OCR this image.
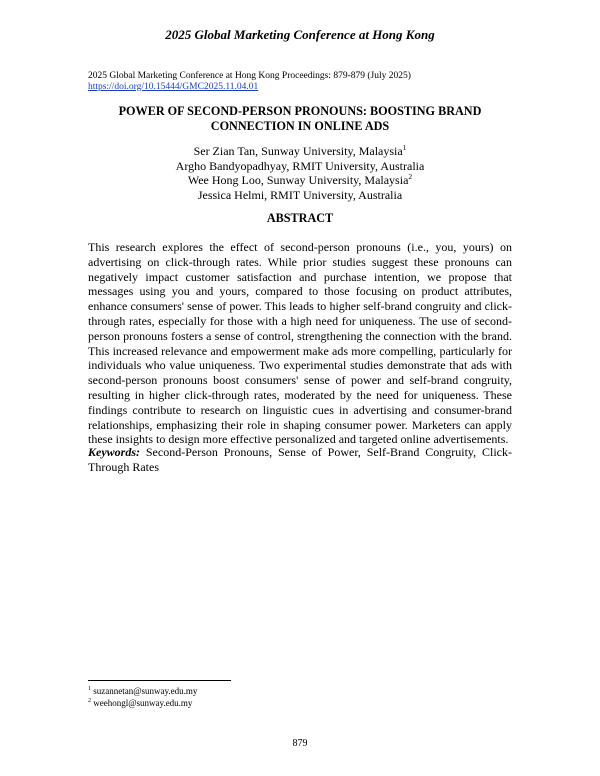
2025 Global Marketing Conference at Hong Kong
2025 Global Marketing Conference at Hong Kong Proceedings: 879-879 (July 2025)
https://doi.org/10.15444/GMC2025.11.04.01
POWER OF SECOND-PERSON PRONOUNS: BOOSTING BRAND CONNECTION IN ONLINE ADS
Ser Zian Tan, Sunway University, Malaysia$^1$
Argho Bandyopadhyay, RMIT University, Australia
Wee Hong Loo, Sunway University, Malaysia$^2$
Jessica Helmi, RMIT University, Australia
ABSTRACT

This research explores the effect of second-person pronouns (i.e., you, yours) on advertising on click-through rates. While prior studies suggest these pronouns can negatively impact customer satisfaction and purchase intention, we propose that messages using you and yours, compared to those focusing on product attributes, enhance consumers' sense of power. This leads to higher self-brand congruity and click-through rates, especially for those with a high need for uniqueness. The use of second-person pronouns fosters a sense of control, strengthening the connection with the brand. This increased relevance and empowerment make ads more compelling, particularly for individuals who value uniqueness. Two experimental studies demonstrate that ads with second-person pronouns boost consumers' sense of power and self-brand congruity, resulting in higher click-through rates, moderated by the need for uniqueness. These findings contribute to research on linguistic cues in advertising and consumer-brand relationships, emphasizing their role in shaping consumer power. Marketers can apply these insights to design more effective personalized and targeted online advertisements.

Keywords: Second-Person Pronouns, Sense of Power, Self-Brand Congruity, Click-Through Rates

$^1$ suzannetan@sunway.edu.my
$^2$ weehongl@sunway.edu.my
879
